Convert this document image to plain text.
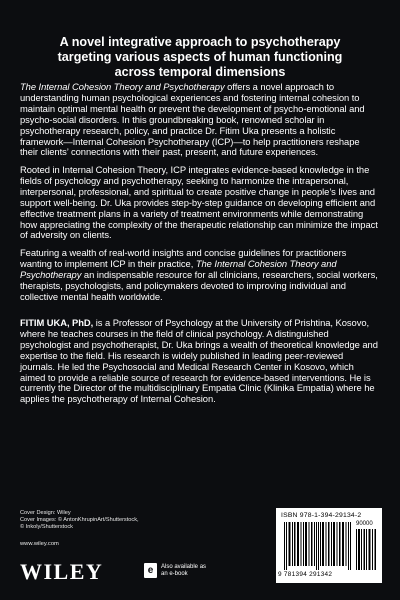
A novel integrative approach to psychotherapy
targeting various aspects of human functioning
across temporal dimensions
The Internal Cohesion Theory and Psychotherapy offers a novel approach to understanding human psychological experiences and fostering internal cohesion to maintain optimal mental health or prevent the development of psycho-emotional and psycho-social disorders. In this groundbreaking book, renowned scholar in psychotherapy research, policy, and practice Dr. Fitim Uka presents a holistic framework—Internal Cohesion Psychotherapy (ICP)—to help practitioners reshape their clients’ connections with their past, present, and future experiences.
Rooted in Internal Cohesion Theory, ICP integrates evidence-based knowledge in the fields of psychology and psychotherapy, seeking to harmonize the intrapersonal, interpersonal, professional, and spiritual to create positive change in people’s lives and support well-being. Dr. Uka provides step-by-step guidance on developing efficient and effective treatment plans in a variety of treatment environments while demonstrating how appreciating the complexity of the therapeutic relationship can minimize the impact of adversity on clients.
Featuring a wealth of real-world insights and concise guidelines for practitioners wanting to implement ICP in their practice, The Internal Cohesion Theory and Psychotherapy an indispensable resource for all clinicians, researchers, social workers, therapists, psychologists, and policymakers devoted to improving individual and collective mental health worldwide.
FITIM UKA, PhD, is a Professor of Psychology at the University of Prishtina, Kosovo, where he teaches courses in the field of clinical psychology. A distinguished psychologist and psychotherapist, Dr. Uka brings a wealth of theoretical knowledge and expertise to the field. His research is widely published in leading peer-reviewed journals. He led the Psychosocial and Medical Research Center in Kosovo, which aimed to provide a reliable source of research for evidence-based interventions. He is currently the Director of the multidisciplinary Empatia Clinic (Klinika Empatia) where he applies the psychotherapy of Internal Cohesion.
Cover Design: Wiley
Cover Images: © AntonKhrupinArt/Shutterstock,
© Inkoly/Shutterstock
www.wiley.com
WILEY	e	Also available as an e-book
ISBN 978-1-394-29134-2
90000
9 781394 291342
